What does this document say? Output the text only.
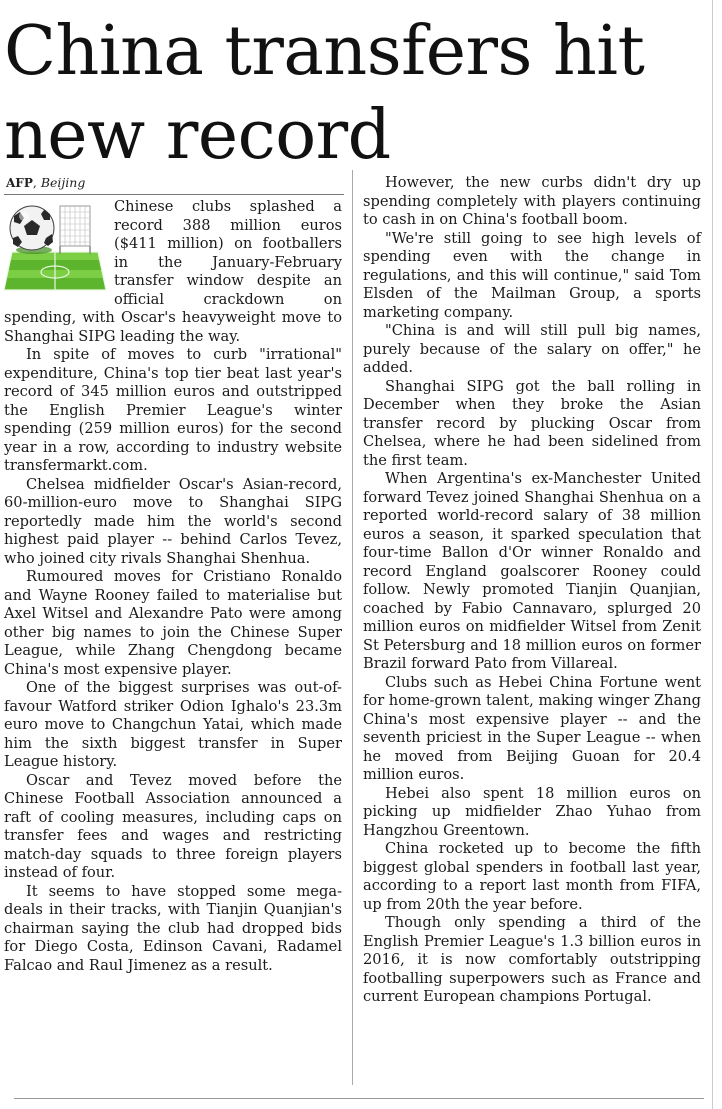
China transfers hit new record
AFP, Beijing

Chinese clubs splashed a record 388 million euros ($411 million) on footballers in the January-February transfer window despite an official crackdown on spending, with Oscar's heavyweight move to Shanghai SIPG leading the way.

In spite of moves to curb "irrational" expenditure, China's top tier beat last year's record of 345 million euros and outstripped the English Premier League's winter spending (259 million euros) for the second year in a row, according to industry website transfermarkt.com.

Chelsea midfielder Oscar's Asian-record, 60-million-euro move to Shanghai SIPG reportedly made him the world's second highest paid player -- behind Carlos Tevez, who joined city rivals Shanghai Shenhua.

Rumoured moves for Cristiano Ronaldo and Wayne Rooney failed to materialise but Axel Witsel and Alexandre Pato were among other big names to join the Chinese Super League, while Zhang Chengdong became China's most expensive player.

One of the biggest surprises was out-of-favour Watford striker Odion Ighalo's 23.3m euro move to Changchun Yatai, which made him the sixth biggest transfer in Super League history.

Oscar and Tevez moved before the Chinese Football Association announced a raft of cooling measures, including caps on transfer fees and wages and restricting match-day squads to three foreign players instead of four.

It seems to have stopped some mega-deals in their tracks, with Tianjin Quanjian's chairman saying the club had dropped bids for Diego Costa, Edinson Cavani, Radamel Falcao and Raul Jimenez as a result.

However, the new curbs didn't dry up spending completely with players continuing to cash in on China's football boom.

"We're still going to see high levels of spending even with the change in regulations, and this will continue," said Tom Elsden of the Mailman Group, a sports marketing company.

"China is and will still pull big names, purely because of the salary on offer," he added.

Shanghai SIPG got the ball rolling in December when they broke the Asian transfer record by plucking Oscar from Chelsea, where he had been sidelined from the first team.

When Argentina's ex-Manchester United forward Tevez joined Shanghai Shenhua on a reported world-record salary of 38 million euros a season, it sparked speculation that four-time Ballon d'Or winner Ronaldo and record England goalscorer Rooney could follow. Newly promoted Tianjin Quanjian, coached by Fabio Cannavaro, splurged 20 million euros on midfielder Witsel from Zenit St Petersburg and 18 million euros on former Brazil forward Pato from Villareal.

Clubs such as Hebei China Fortune went for home-grown talent, making winger Zhang China's most expensive player -- and the seventh priciest in the Super League -- when he moved from Beijing Guoan for 20.4 million euros.

Hebei also spent 18 million euros on picking up midfielder Zhao Yuhao from Hangzhou Greentown.

China rocketed up to become the fifth biggest global spenders in football last year, according to a report last month from FIFA, up from 20th the year before.

Though only spending a third of the English Premier League's 1.3 billion euros in 2016, it is now comfortably outstripping footballing superpowers such as France and current European champions Portugal.
